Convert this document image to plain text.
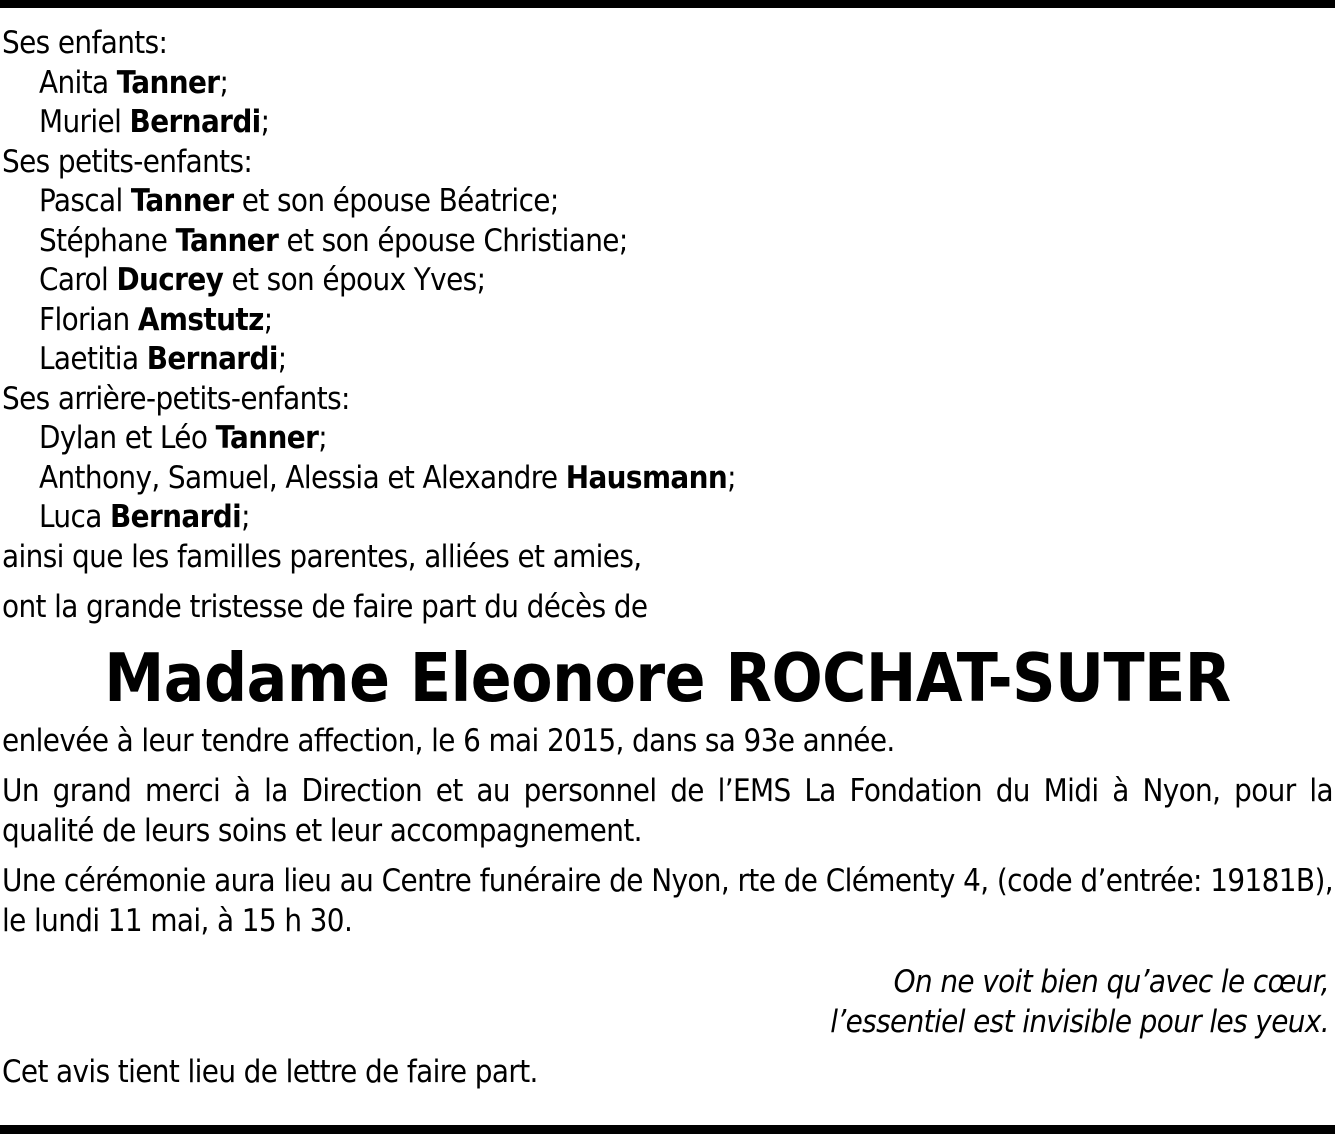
Ses enfants:
Anita Tanner;
Muriel Bernardi;
Ses petits-enfants:
Pascal Tanner et son épouse Béatrice;
Stéphane Tanner et son épouse Christiane;
Carol Ducrey et son époux Yves;
Florian Amstutz;
Laetitia Bernardi;
Ses arrière-petits-enfants:
Dylan et Léo Tanner;
Anthony, Samuel, Alessia et Alexandre Hausmann;
Luca Bernardi;
ainsi que les familles parentes, alliées et amies,
ont la grande tristesse de faire part du décès de
Madame Eleonore ROCHAT-SUTER
enlevée à leur tendre affection, le 6 mai 2015, dans sa 93e année.
Un grand merci à la Direction et au personnel de l’EMS La Fondation du Midi à Nyon, pour la qualité de leurs soins et leur accompagnement.
Une cérémonie aura lieu au Centre funéraire de Nyon, rte de Clémenty 4, (code d’entrée: 19181B), le lundi 11 mai, à 15 h 30.
On ne voit bien qu’avec le cœur,
l’essentiel est invisible pour les yeux.
Cet avis tient lieu de lettre de faire part.
